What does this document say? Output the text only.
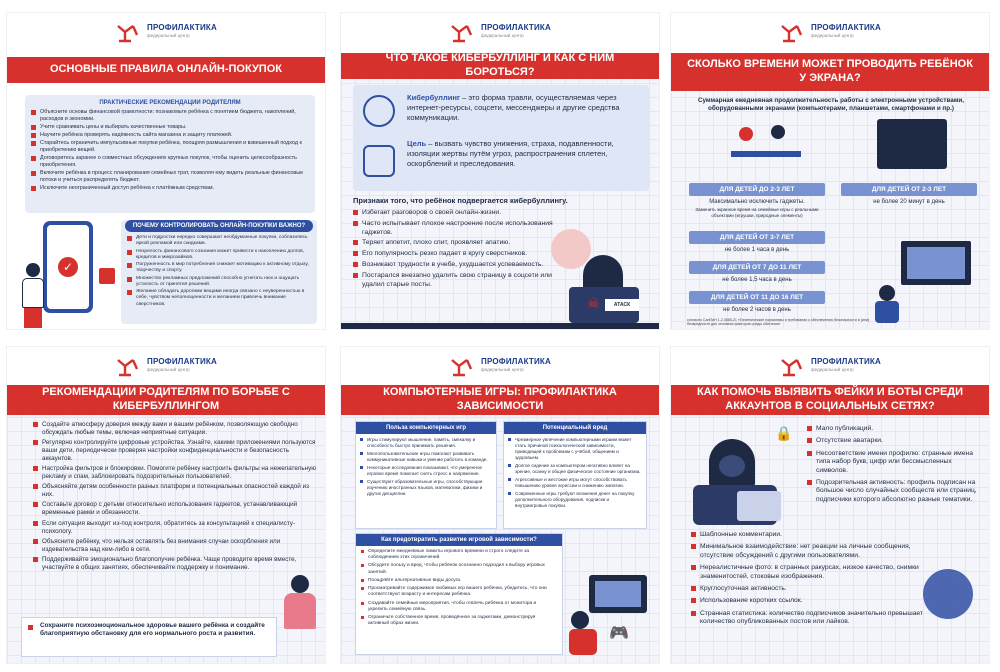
ПРОФИЛАКТИКА
федеральный центр
ОСНОВНЫЕ ПРАВИЛА ОНЛАЙН-ПОКУПОК
ПРАКТИЧЕСКИЕ РЕКОМЕНДАЦИИ РОДИТЕЛЯМ
Объясните основы финансовой грамотности: познакомьте ребёнка с понятием бюджета, накоплений, расходов и экономии.
Учите сравнивать цены и выбирать качественные товары.
Научите ребёнка проверять надёжность сайта магазина и защиту платежей.
Старайтесь ограничить импульсивные покупки ребёнка, поощряя размышления и взвешенный подход к приобретению вещей.
Договоритесь заранее о совместных обсуждениях крупных покупок, чтобы оценить целесообразность приобретения.
Включите ребёнка в процесс планирования семейных трат, позволяя ему видеть реальные финансовые потоки и учиться распределять бюджет.
Исключите неограниченный доступ ребёнка к платёжным средствам.
✓
ПОЧЕМУ КОНТРОЛИРОВАТЬ ОНЛАЙН-ПОКУПКИ ВАЖНО?
Дети и подростки нередко совершают необдуманные покупки, соблазняясь яркой рекламой или скидками.
Незрелость финансового сознания может привести к накоплению долгов, кредитов и микрозаймов.
Погруженность в мир потребления снижает мотивацию к активному отдыху, творчеству и спорту.
Множество рекламных предложений способно угнетать нюх и ощущать усталость от принятия решений.
Желание обладать дорогими вещами иногда связано с неуверенностью в себе, чувством неполноценности и желанием привлечь внимание сверстников.
ПРОФИЛАКТИКА
федеральный центр
ЧТО ТАКОЕ КИБЕРБУЛЛИНГ И КАК С НИМ БОРОТЬСЯ?

Кибербуллинг – это форма травли, осуществляемая через интернет-ресурсы, соцсети, мессенджеры и другие средства коммуникации.

Цель – вызвать чувство унижения, страха, подавленности, изоляции жертвы путём угроз, распространения сплетен, оскорблений и преследования.

Признаки того, что ребёнок подвергается кибербуллингу.
Избегает разговоров о своей онлайн-жизни.
Часто испытывает плохое настроение после использования гаджетов.
Теряет аппетит, плохо спит, проявляет апатию.
Его популярность резко падает в кругу сверстников.
Возникают трудности в учебе, ухудшается успеваемость.
Постарался внезапно удалить свою страницу в соцсети или удалил старые посты.
АТАСК
☠
ПРОФИЛАКТИКА
федеральный центр
СКОЛЬКО ВРЕМЕНИ МОЖЕТ ПРОВОДИТЬ РЕБЁНОК У ЭКРАНА?
Суммарная ежедневная продолжительность работы с электронными устройствами, оборудованными экранами (компьютерами, планшетами, смартфонами и пр.)
ДЛЯ ДЕТЕЙ ДО 2-3 ЛЕТ
Максимально исключить гаджеты.
Заменить экранное время на семейные игры с реальными объектами (игрушки, природные элементы)
ДЛЯ ДЕТЕЙ ОТ 2-3 ЛЕТ
не более 20 минут в день
ДЛЯ ДЕТЕЙ ОТ 3-7 ЛЕТ
не более 1 часа в день
ДЛЯ ДЕТЕЙ ОТ 7 ДО 11 ЛЕТ
не более 1,5 часа в день
ДЛЯ ДЕТЕЙ ОТ 11 ДО 16 ЛЕТ
не более 2 часов в день
согласно СанПиН 1.2.3685-21 «Гигиенические нормативы и требования к обеспечению безопасности и (или) безвредности для человека факторов среды обитания»
ПРОФИЛАКТИКА
федеральный центр
РЕКОМЕНДАЦИИ РОДИТЕЛЯМ ПО БОРЬБЕ С КИБЕРБУЛЛИНГОМ
Создайте атмосферу доверия между вами и вашим ребёнком, позволяющую свободно обсуждать любые темы, включая неприятные ситуации.
Регулярно контролируйте цифровые устройства. Узнайте, какими приложениями пользуются ваши дети, периодически проверяя настройки конфиденциальности и безопасность аккаунтов.
Настройка фильтров и блокировки. Помогите ребёнку настроить фильтры на нежелательную рекламу и спам, заблокировать подозрительных пользователей.
Объясняйте детям особенности разных платформ и потенциальных опасностей каждой из них.
Составьте договор с детьми относительно использования гаджетов, устанавливающий временные рамки и обязанности.
Если ситуация выходит из-под контроля, обратитесь за консультацией к специалисту-психологу.
Объясните ребёнку, что нельзя оставлять без внимания случаи оскорбления или издевательства над кем-либо в сети.
Поддерживайте эмоционально благополучие ребёнка. Чаще проводите время вместе, участвуйте в общих занятиях, обеспечивайте поддержку и понимание.
Сохраните психоэмоциональное здоровье вашего ребёнка и создайте благоприятную обстановку для его нормального роста и развития.
ПРОФИЛАКТИКА
федеральный центр
КОМПЬЮТЕРНЫЕ ИГРЫ: ПРОФИЛАКТИКА ЗАВИСИМОСТИ
Польза компьютерных игр
Игры стимулируют мышление, память, смекалку и способность быстро принимать решения.
Многопользовательские игры помогают развивать коммуникативные навыки и умение работать в команде.
Некоторые исследования показывают, что умеренное игровое время помогает снять стресс и напряжение.
Существуют образовательные игры, способствующие изучению иностранных языков, математики, физики и других дисциплин.
Потенциальный вред
Чрезмерное увлечение компьютерными играми может стать причиной психологической зависимости, приводящей к проблемам с учёбой, общением и здоровьем.
Долгое сидение за компьютером негативно влияет на зрение, осанку и общее физическое состояние организма.
Агрессивные и жестокие игры могут способствовать повышению уровня агрессии и снижению эмпатии.
Современные игры требуют вложения денег на покупку дополнительного оборудования, подписки и внутриигровые покупки.
Как предотвратить развитие игровой зависимости?
Определите ежедневные лимиты игрового времени и строго следите за соблюдением этих ограничений.
Обсудите пользу и вред, чтобы ребёнок осознанно подходил к выбору игровых занятий.
Поощряйте альтернативные виды досуга.
Просматривайте содержимое любимых игр вашего ребёнка, убедитесь, что они соответствуют возрасту и интересам ребёнка.
Создавайте семейные мероприятия, чтобы отвлечь ребёнка от монитора и укрепить семейную связь.
Ограничьте собственное время, проведённое за гаджетами, демонстрируя активный образ жизни.
🎮
ПРОФИЛАКТИКА
федеральный центр
КАК ПОМОЧЬ ВЫЯВИТЬ ФЕЙКИ И БОТЫ СРЕДИ АККАУНТОВ В СОЦИАЛЬНЫХ СЕТЯХ?
🔒	Мало публикаций.
Отсутствие аватарки.
Несоответствие имени профилю: странные имена типа набор букв, цифр или бессмысленных символов.
Подозрительная активность: профиль подписан на большое число случайных сообществ или страниц, подписчики которого абсолютно разные тематики.
Шаблонные комментарии.
Минимальное взаимодействие: нет реакции на личные сообщения, отсутствие обсуждений с другими пользователями.
Нереалистичные фото: в странных ракурсах, низкое качество, снимки знаменитостей, стоковые изображения.
Круглосуточная активность.
Использование коротких ссылок.
Странная статистика: количество подписчиков значительно превышает количество опубликованных постов или лайков.
